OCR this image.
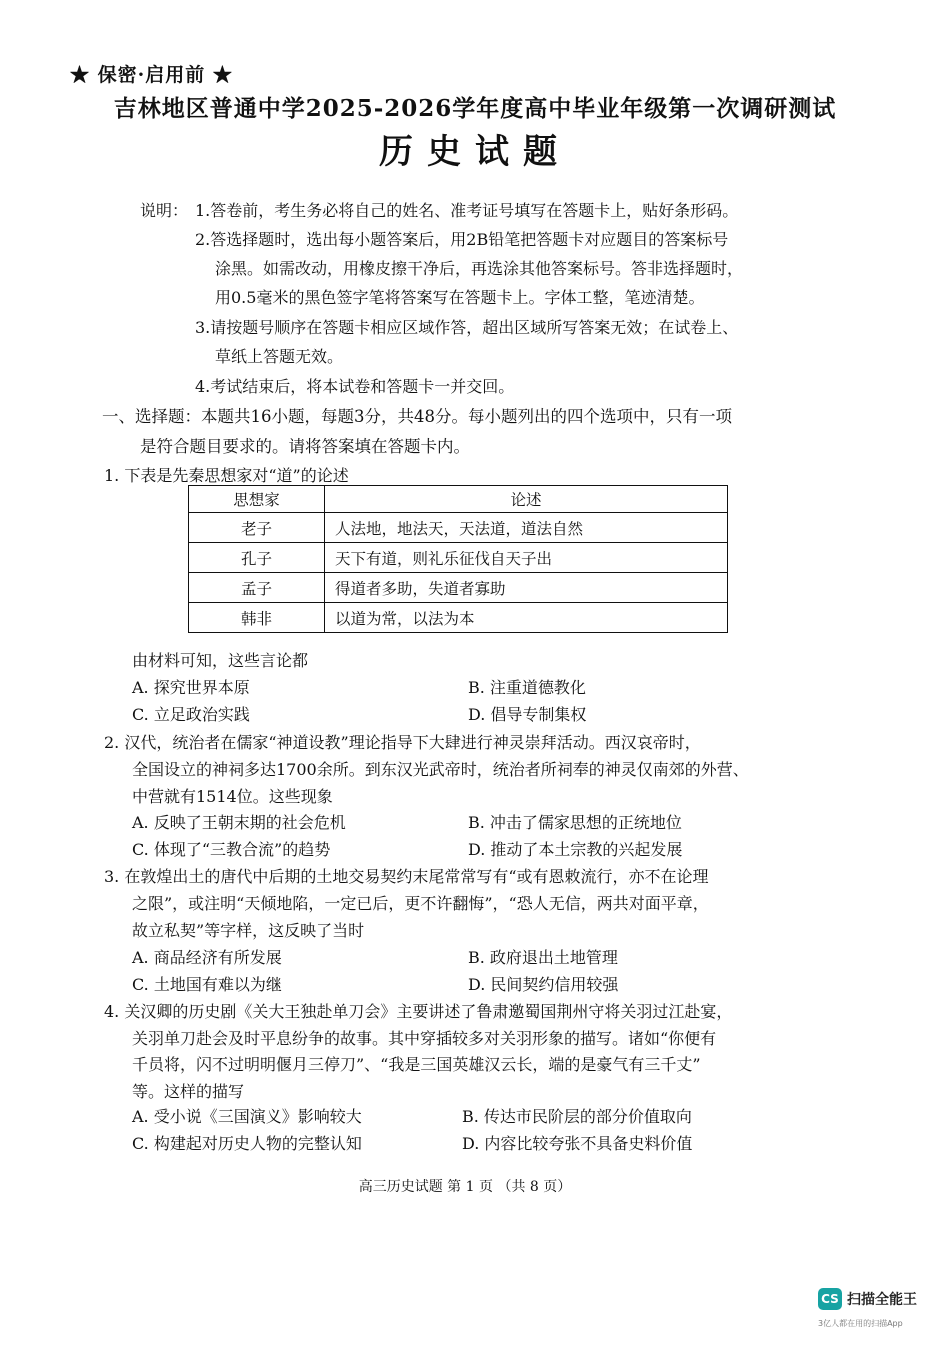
★ 保密·启用前 ★
吉林地区普通中学2025-2026学年度高中毕业年级第一次调研测试
历史试题
说明： 1.答卷前，考生务必将自己的姓名、准考证号填写在答题卡上，贴好条形码。
2.答选择题时，选出每小题答案后，用2B铅笔把答题卡对应题目的答案标号
涂黑。如需改动，用橡皮擦干净后，再选涂其他答案标号。答非选择题时，
用0.5毫米的黑色签字笔将答案写在答题卡上。字体工整，笔迹清楚。
3.请按题号顺序在答题卡相应区域作答，超出区域所写答案无效；在试卷上、
草纸上答题无效。
4.考试结束后，将本试卷和答题卡一并交回。
一、选择题：本题共16小题，每题3分，共48分。每小题列出的四个选项中，只有一项
是符合题目要求的。请将答案填在答题卡内。
1. 下表是先秦思想家对“道”的论述
思想家	论述
老子	人法地，地法天，天法道，道法自然
孔子	天下有道，则礼乐征伐自天子出
孟子	得道者多助，失道者寡助
韩非	以道为常，以法为本
由材料可知，这些言论都
A. 探究世界本原	B. 注重道德教化
C. 立足政治实践	D. 倡导专制集权
2. 汉代，统治者在儒家“神道设教”理论指导下大肆进行神灵崇拜活动。西汉哀帝时，
全国设立的神祠多达1700余所。到东汉光武帝时，统治者所祠奉的神灵仅南郊的外营、
中营就有1514位。这些现象
A. 反映了王朝末期的社会危机	B. 冲击了儒家思想的正统地位
C. 体现了“三教合流”的趋势	D. 推动了本土宗教的兴起发展
3. 在敦煌出土的唐代中后期的土地交易契约末尾常常写有“或有恩敕流行，亦不在论理
之限”，或注明“天倾地陷，一定已后，更不许翻悔”，“恐人无信，两共对面平章，
故立私契”等字样，这反映了当时
A. 商品经济有所发展	B. 政府退出土地管理
C. 土地国有难以为继	D. 民间契约信用较强
4. 关汉卿的历史剧《关大王独赴单刀会》主要讲述了鲁肃邀蜀国荆州守将关羽过江赴宴，
关羽单刀赴会及时平息纷争的故事。其中穿插较多对关羽形象的描写。诸如“你便有
千员将，闪不过明明偃月三停刀”、“我是三国英雄汉云长，端的是豪气有三千丈”
等。这样的描写
A. 受小说《三国演义》影响较大	B. 传达市民阶层的部分价值取向
C. 构建起对历史人物的完整认知	D. 内容比较夸张不具备史料价值
高三历史试题 第 1 页 （共 8 页）
CS 扫描全能王
3亿人都在用的扫描App
